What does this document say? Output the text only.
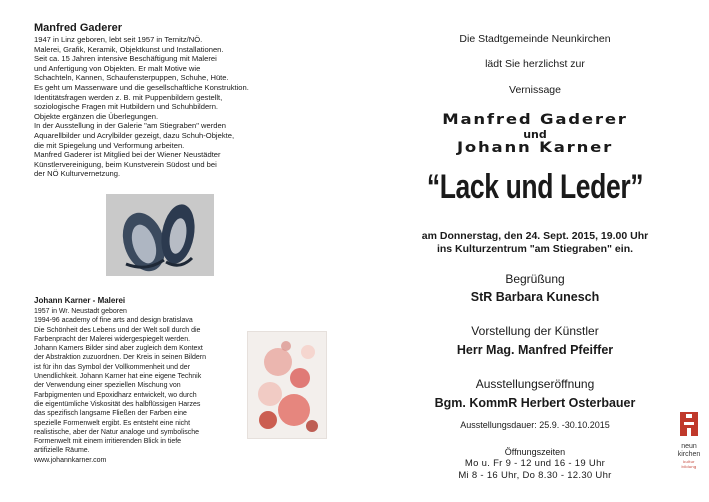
Manfred Gaderer

1947 in Linz geboren, lebt seit 1957 in Ternitz/NÖ.
Malerei, Grafik, Keramik, Objektkunst und Installationen.
Seit ca. 15 Jahren intensive Beschäftigung mit Malerei
und Anfertigung von Objekten. Er malt Motive wie
Schachteln, Kannen, Schaufensterpuppen, Schuhe, Hüte.
Es geht um Massenware und die gesellschaftliche Konstruktion.
Identitätsfragen werden z. B. mit Puppenbildern gestellt,
soziologische Fragen mit Hutbildern und Schuhbildern.
Objekte ergänzen die Überlegungen.
In der Ausstellung in der Galerie "am Stiegraben" werden
Aquarellbilder und Acrylbilder gezeigt, dazu Schuh-Objekte,
die mit Spiegelung und Verformung arbeiten.
Manfred Gaderer ist Mitglied bei der Wiener Neustädter
Künstlervereinigung, beim Kunstverein Südost und bei
der NÖ Kulturvernetzung.

Johann Karner - Malerei

1957 in Wr. Neustadt geboren
1994-96 academy of fine arts and design bratislava
Die Schönheit des Lebens und der Welt soll durch die
Farbenpracht der Malerei widergespiegelt werden.
Johann Karners Bilder sind aber zugleich dem Kontext
der Abstraktion zuzuordnen. Der Kreis in seinen Bildern
ist für ihn das Symbol der Vollkommenheit und der
Unendlichkeit. Johann Karner hat eine eigene Technik
der Verwendung einer speziellen Mischung von
Farbpigmenten und Epoxidharz entwickelt, wo durch
die eigentümliche Viskosität des halbflüssigen Harzes
das spezifisch langsame Fließen der Farben eine
spezielle Formenwelt ergibt. Es entsteht eine nicht
realistische, aber der Natur analoge und symbolische
Formenwelt mit einem irritierenden Blick in tiefe
artifizielle Räume.
www.johannkarner.com
Die Stadtgemeinde Neunkirchen
lädt Sie herzlichst zur
Vernissage
Manfred Gaderer
und
Johann Karner
“Lack und Leder”
am Donnerstag, den 24. Sept. 2015, 19.00 Uhr
ins Kulturzentrum "am Stiegraben" ein.
Begrüßung
StR Barbara Kunesch
Vorstellung der Künstler
Herr Mag. Manfred Pfeiffer
Ausstellungseröffnung
Bgm. KommR Herbert Osterbauer
Ausstellungsdauer: 25.9. -30.10.2015
Öffnungszeiten
Mo u. Fr 9 - 12 und 16 - 19 Uhr
Mi 8 - 16 Uhr, Do 8.30 - 12.30 Uhr
neun
kirchen
kultur
bildung
